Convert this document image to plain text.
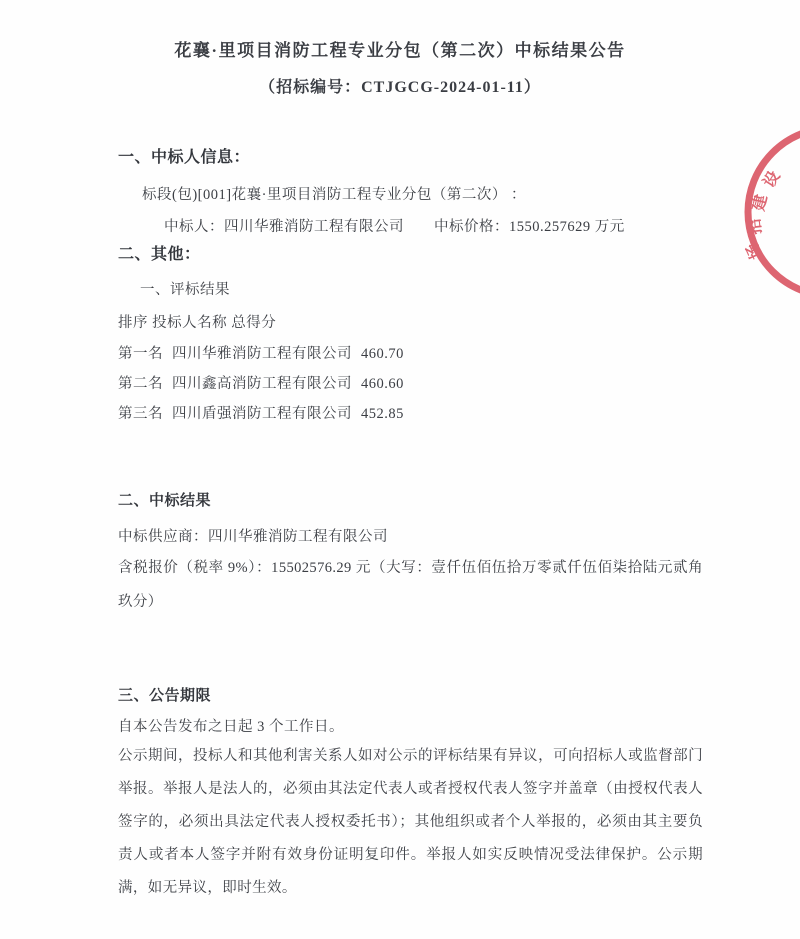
花襄·里项目消防工程专业分包（第二次）中标结果公告
（招标编号：CTJGCG-2024-01-11）
一、中标人信息：
标段(包)[001]花襄·里项目消防工程专业分包（第二次） ：
中标人：四川华雅消防工程有限公司 中标价格：1550.257629 万元
二、其他：
一、评标结果
排序 投标人名称 总得分
第一名 四川华雅消防工程有限公司 460.70
第二名 四川鑫高消防工程有限公司 460.60
第三名 四川盾强消防工程有限公司 452.85
二、中标结果
中标供应商：四川华雅消防工程有限公司
含税报价（税率 9%）：15502576.29 元（大写：壹仟伍佰伍拾万零贰仟伍佰柒拾陆元贰角玖分）
三、公告期限
自本公告发布之日起 3 个工作日。
公示期间，投标人和其他利害关系人如对公示的评标结果有异议，可向招标人或监督部门举报。举报人是法人的，必须由其法定代表人或者授权代表人签字并盖章（由授权代表人签字的，必须出具法定代表人授权委托书）；其他组织或者个人举报的，必须由其主要负责人或者本人签字并附有效身份证明复印件。举报人如实反映情况受法律保护。公示期满，如无异议，即时生效。
设
建
招
场
